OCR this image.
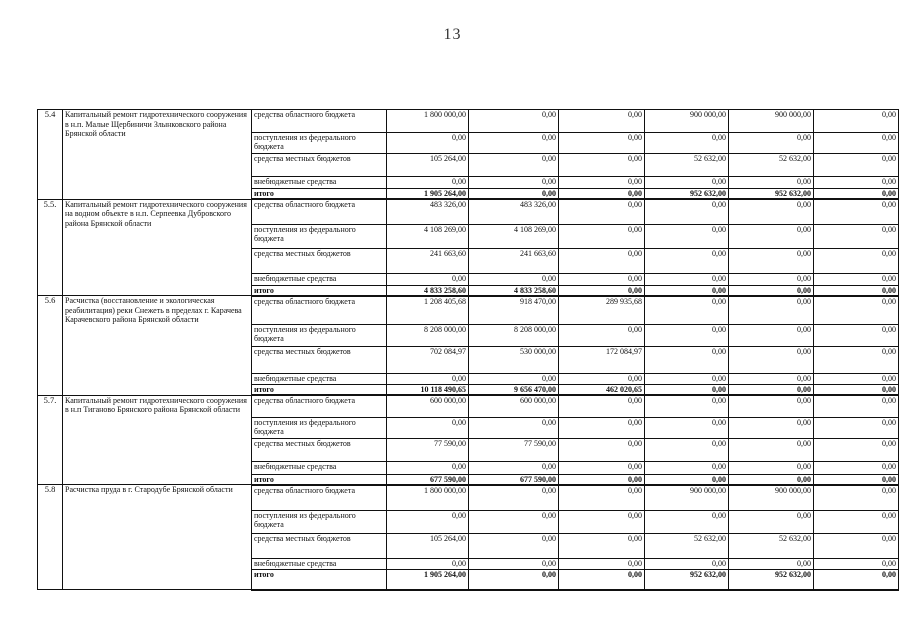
13
5.4	Капитальный ремонт гидротехнического сооружения в н.п. Малые Щербиничи Злынковского района Брянской области	средства областного бюджета	1 800 000,00	0,00	0,00	900 000,00	900 000,00	0,00
		поступления из федерального бюджета	0,00	0,00	0,00	0,00	0,00	0,00
		средства местных бюджетов	105 264,00	0,00	0,00	52 632,00	52 632,00	0,00
		внебюджетные средства	0,00	0,00	0,00	0,00	0,00	0,00
		итого	1 905 264,00	0,00	0,00	952 632,00	952 632,00	0,00
5.5.	Капитальный ремонт гидротехнического сооружения на водном объекте в н.п. Серпеевка Дубровского района Брянской области	средства областного бюджета	483 326,00	483 326,00	0,00	0,00	0,00	0,00
		поступления из федерального бюджета	4 108 269,00	4 108 269,00	0,00	0,00	0,00	0,00
		средства местных бюджетов	241 663,60	241 663,60	0,00	0,00	0,00	0,00
		внебюджетные средства	0,00	0,00	0,00	0,00	0,00	0,00
		итого	4 833 258,60	4 833 258,60	0,00	0,00	0,00	0,00
5.6	Расчистка (восстановление и экологическая реабилитация) реки Снежеть в пределах г. Карачева Карачевского района Брянской области	средства областного бюджета	1 208 405,68	918 470,00	289 935,68	0,00	0,00	0,00
		поступления из федерального бюджета	8 208 000,00	8 208 000,00	0,00	0,00	0,00	0,00
		средства местных бюджетов	702 084,97	530 000,00	172 084,97	0,00	0,00	0,00
		внебюджетные средства	0,00	0,00	0,00	0,00	0,00	0,00
		итого	10 118 490,65	9 656 470,00	462 020,65	0,00	0,00	0,00
5.7.	Капитальный ремонт гидротехнического сооружения в н.п Тиганово Брянского района Брянской области	средства областного бюджета	600 000,00	600 000,00	0,00	0,00	0,00	0,00
		поступления из федерального бюджета	0,00	0,00	0,00	0,00	0,00	0,00
		средства местных бюджетов	77 590,00	77 590,00	0,00	0,00	0,00	0,00
		внебюджетные средства	0,00	0,00	0,00	0,00	0,00	0,00
		итого	677 590,00	677 590,00	0,00	0,00	0,00	0,00
5.8	Расчистка пруда в г. Стародубе Брянской области	средства областного бюджета	1 800 000,00	0,00	0,00	900 000,00	900 000,00	0,00
		поступления из федерального бюджета	0,00	0,00	0,00	0,00	0,00	0,00
		средства местных бюджетов	105 264,00	0,00	0,00	52 632,00	52 632,00	0,00
		внебюджетные средства	0,00	0,00	0,00	0,00	0,00	0,00
		итого	1 905 264,00	0,00	0,00	952 632,00	952 632,00	0,00
